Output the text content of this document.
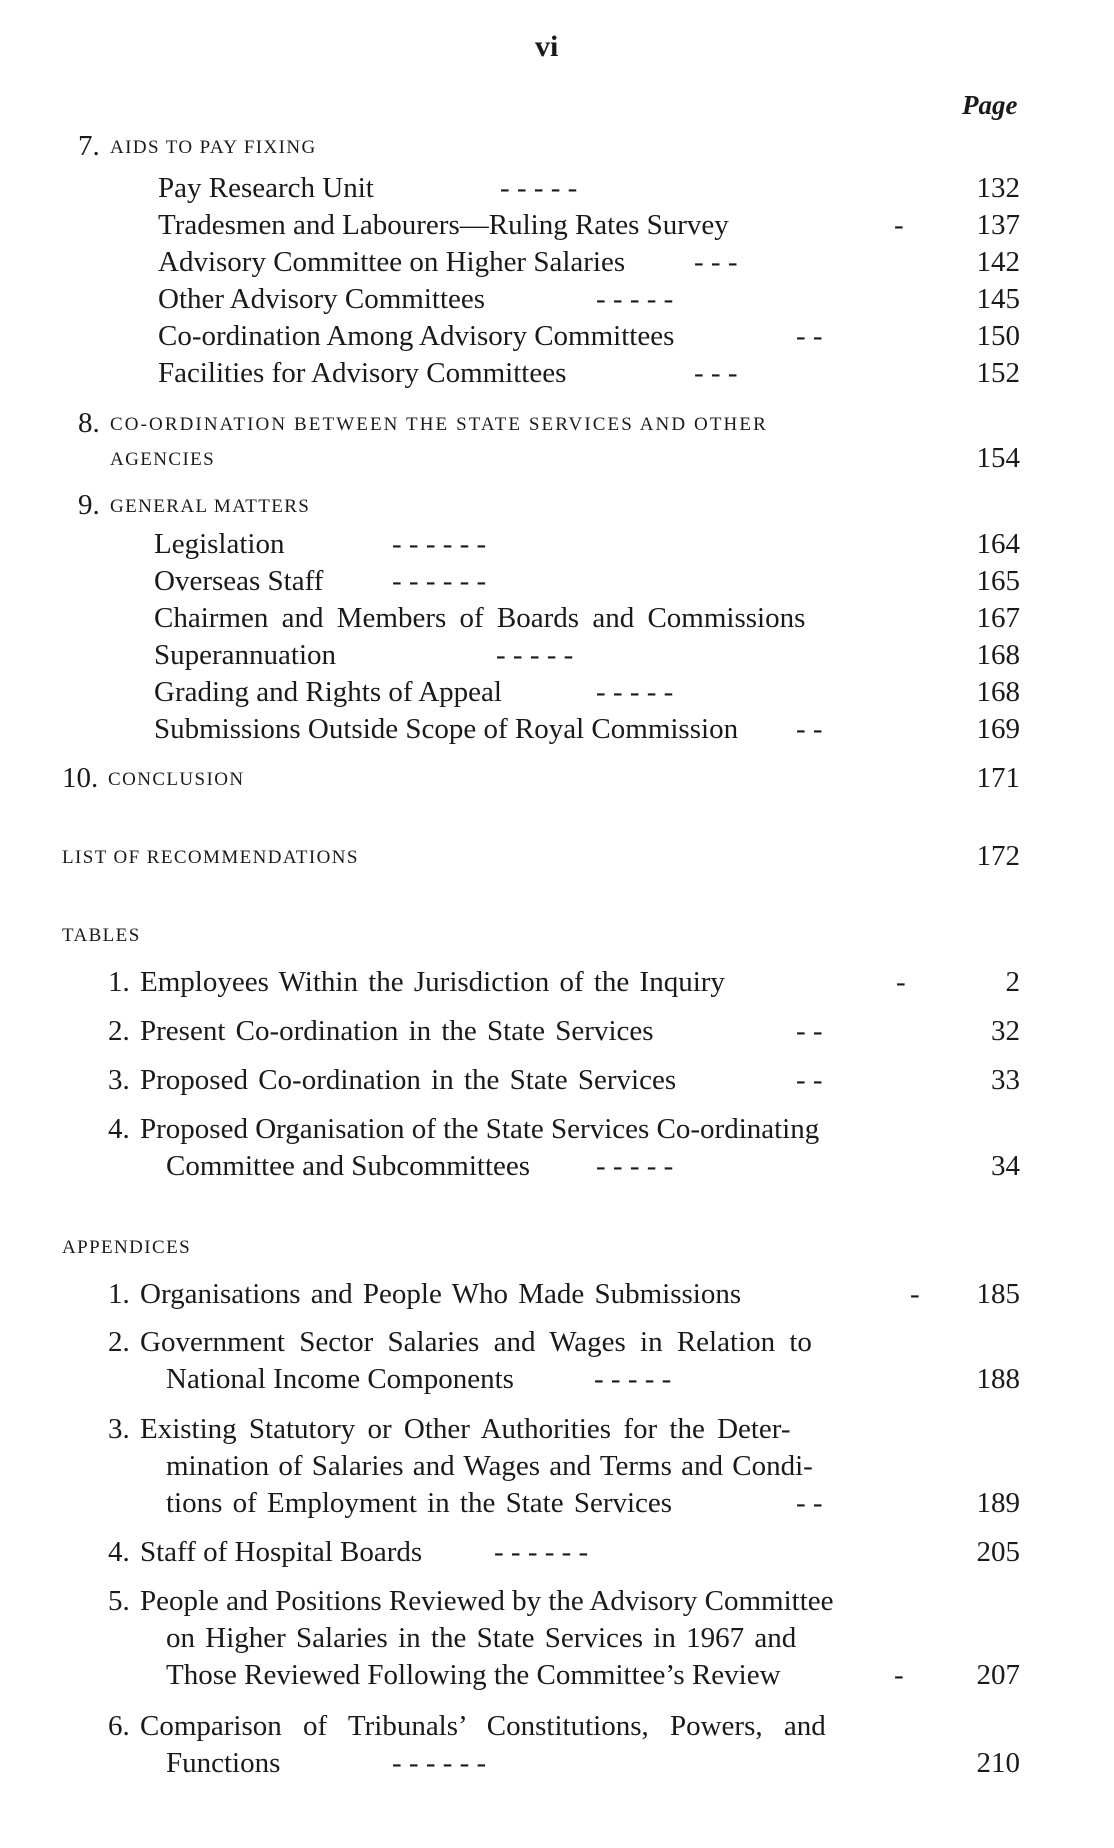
vi
Page
7. AIDS TO PAY FIXING
Pay Research Unit	- - - - -	132
Tradesmen and Labourers—Ruling Rates Survey	-	137
Advisory Committee on Higher Salaries - - -	142
Other Advisory Committees	- - - - -	145
Co-ordination Among Advisory Committees	- -	150
Facilities for Advisory Committees	- - -	152
8. CO-ORDINATION BETWEEN THE STATE SERVICES AND OTHER
AGENCIES	154
9. GENERAL MATTERS
Legislation	- - - - - -	164
Overseas Staff - - - - - -	165
Chairmen and Members of Boards and Commissions	167
Superannuation	- - - - -	168
Grading and Rights of Appeal	- - - - -	168
Submissions Outside Scope of Royal Commission - -	169
10. CONCLUSION	171
LIST OF RECOMMENDATIONS	172
TABLES
1. Employees Within the Jurisdiction of the Inquiry	-	2
2. Present Co-ordination in the State Services	- -	32
3. Proposed Co-ordination in the State Services	- -	33
4. Proposed Organisation of the State Services Co-ordinating
Committee and Subcommittees - - - - -	34
APPENDICES
1. Organisations and People Who Made Submissions	-	185
2. Government Sector Salaries and Wages in Relation to
National Income Components	- - - - -	188
3. Existing Statutory or Other Authorities for the Deter-
mination of Salaries and Wages and Terms and Condi-
tions of Employment in the State Services	- -	189
4. Staff of Hospital Boards - - - - - -	205
5. People and Positions Reviewed by the Advisory Committee
on Higher Salaries in the State Services in 1967 and
Those Reviewed Following the Committee’s Review	-	207
6. Comparison of Tribunals’ Constitutions, Powers, and
Functions	- - - - - -	210
